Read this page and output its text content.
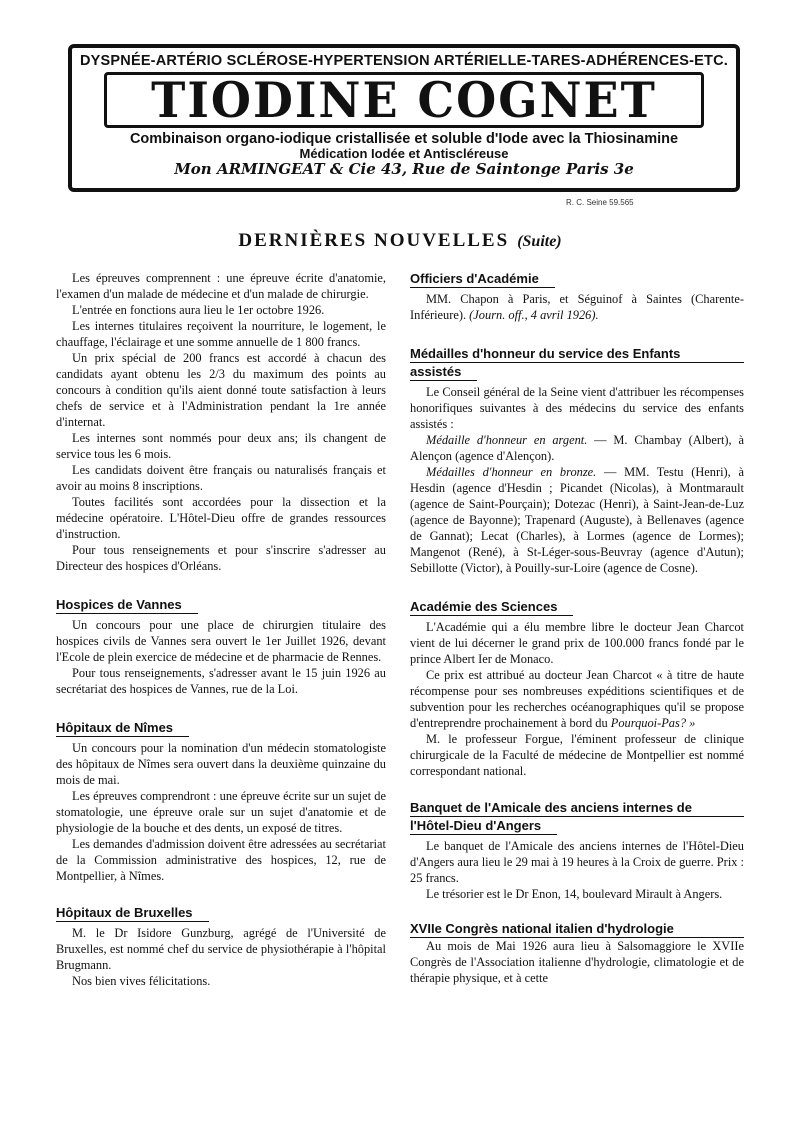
DYSPNÉE-ARTÉRIO SCLÉROSE-HYPERTENSION ARTÉRIELLE-TARES-ADHÉRENCES-ETC.
TIODINE COGNET
Combinaison organo-iodique cristallisée et soluble d'Iode avec la Thiosinamine
Médication Iodée et Antiscléreuse
Mon ARMINGEAT & Cie 43, Rue de Saintonge Paris 3e
R. C. Seine 59.565
DERNIÈRES NOUVELLES (Suite)

Les épreuves comprennent : une épreuve écrite d'anatomie, l'examen d'un malade de médecine et d'un malade de chirurgie.

L'entrée en fonctions aura lieu le 1er octobre 1926.

Les internes titulaires reçoivent la nourriture, le logement, le chauffage, l'éclairage et une somme annuelle de 1 800 francs.

Un prix spécial de 200 francs est accordé à chacun des candidats ayant obtenu les 2/3 du maximum des points au concours à condition qu'ils aient donné toute satisfaction à leurs chefs de service et à l'Administration pendant la 1re année d'internat.

Les internes sont nommés pour deux ans; ils changent de service tous les 6 mois.

Les candidats doivent être français ou naturalisés français et avoir au moins 8 inscriptions.

Toutes facilités sont accordées pour la dissection et la médecine opératoire. L'Hôtel-Dieu offre de grandes ressources d'instruction.

Pour tous renseignements et pour s'inscrire s'adresser au Directeur des hospices d'Orléans.

Hospices de Vannes

Un concours pour une place de chirurgien titulaire des hospices civils de Vannes sera ouvert le 1er Juillet 1926, devant l'Ecole de plein exercice de médecine et de pharmacie de Rennes.

Pour tous renseignements, s'adresser avant le 15 juin 1926 au secrétariat des hospices de Vannes, rue de la Loi.

Hôpitaux de Nîmes

Un concours pour la nomination d'un médecin stomatologiste des hôpitaux de Nîmes sera ouvert dans la deuxième quinzaine du mois de mai.

Les épreuves comprendront : une épreuve écrite sur un sujet de stomatologie, une épreuve orale sur un sujet d'anatomie et de physiologie de la bouche et des dents, un exposé de titres.

Les demandes d'admission doivent être adressées au secrétariat de la Commission administrative des hospices, 12, rue de Montpellier, à Nîmes.

Hôpitaux de Bruxelles

M. le Dr Isidore Gunzburg, agrégé de l'Université de Bruxelles, est nommé chef du service de physiothérapie à l'hôpital Brugmann.

Nos bien vives félicitations.

Officiers d'Académie

MM. Chapon à Paris, et Séguinof à Saintes (Charente-Inférieure). (Journ. off., 4 avril 1926).

Médailles d'honneur du service des Enfants
assistés

Le Conseil général de la Seine vient d'attribuer les récompenses honorifiques suivantes à des médecins du service des enfants assistés :

Médaille d'honneur en argent. — M. Chambay (Albert), à Alençon (agence d'Alençon).

Médailles d'honneur en bronze. — MM. Testu (Henri), à Hesdin (agence d'Hesdin ; Picandet (Nicolas), à Montmarault (agence de Saint-Pourçain); Dotezac (Henri), à Saint-Jean-de-Luz (agence de Bayonne); Trapenard (Auguste), à Bellenaves (agence de Gannat); Lecat (Charles), à Lormes (agence de Lormes); Mangenot (René), à St-Léger-sous-Beuvray (agence d'Autun); Sebillotte (Victor), à Pouilly-sur-Loire (agence de Cosne).

Académie des Sciences

L'Académie qui a élu membre libre le docteur Jean Charcot vient de lui décerner le grand prix de 100.000 francs fondé par le prince Albert Ier de Monaco.

Ce prix est attribué au docteur Jean Charcot « à titre de haute récompense pour ses nombreuses expéditions scientifiques et de subvention pour les recherches océanographiques qu'il se propose d'entreprendre prochainement à bord du Pourquoi-Pas? »

M. le professeur Forgue, l'éminent professeur de clinique chirurgicale de la Faculté de médecine de Montpellier est nommé correspondant national.

Banquet de l'Amicale des anciens internes de
l'Hôtel-Dieu d'Angers

Le banquet de l'Amicale des anciens internes de l'Hôtel-Dieu d'Angers aura lieu le 29 mai à 19 heures à la Croix de guerre. Prix : 25 francs.

Le trésorier est le Dr Enon, 14, boulevard Mirault à Angers.

XVIIe Congrès national italien d'hydrologie

Au mois de Mai 1926 aura lieu à Salsomaggiore le XVIIe Congrès de l'Association italienne d'hydrologie, climatologie et de thérapie physique, et à cette
